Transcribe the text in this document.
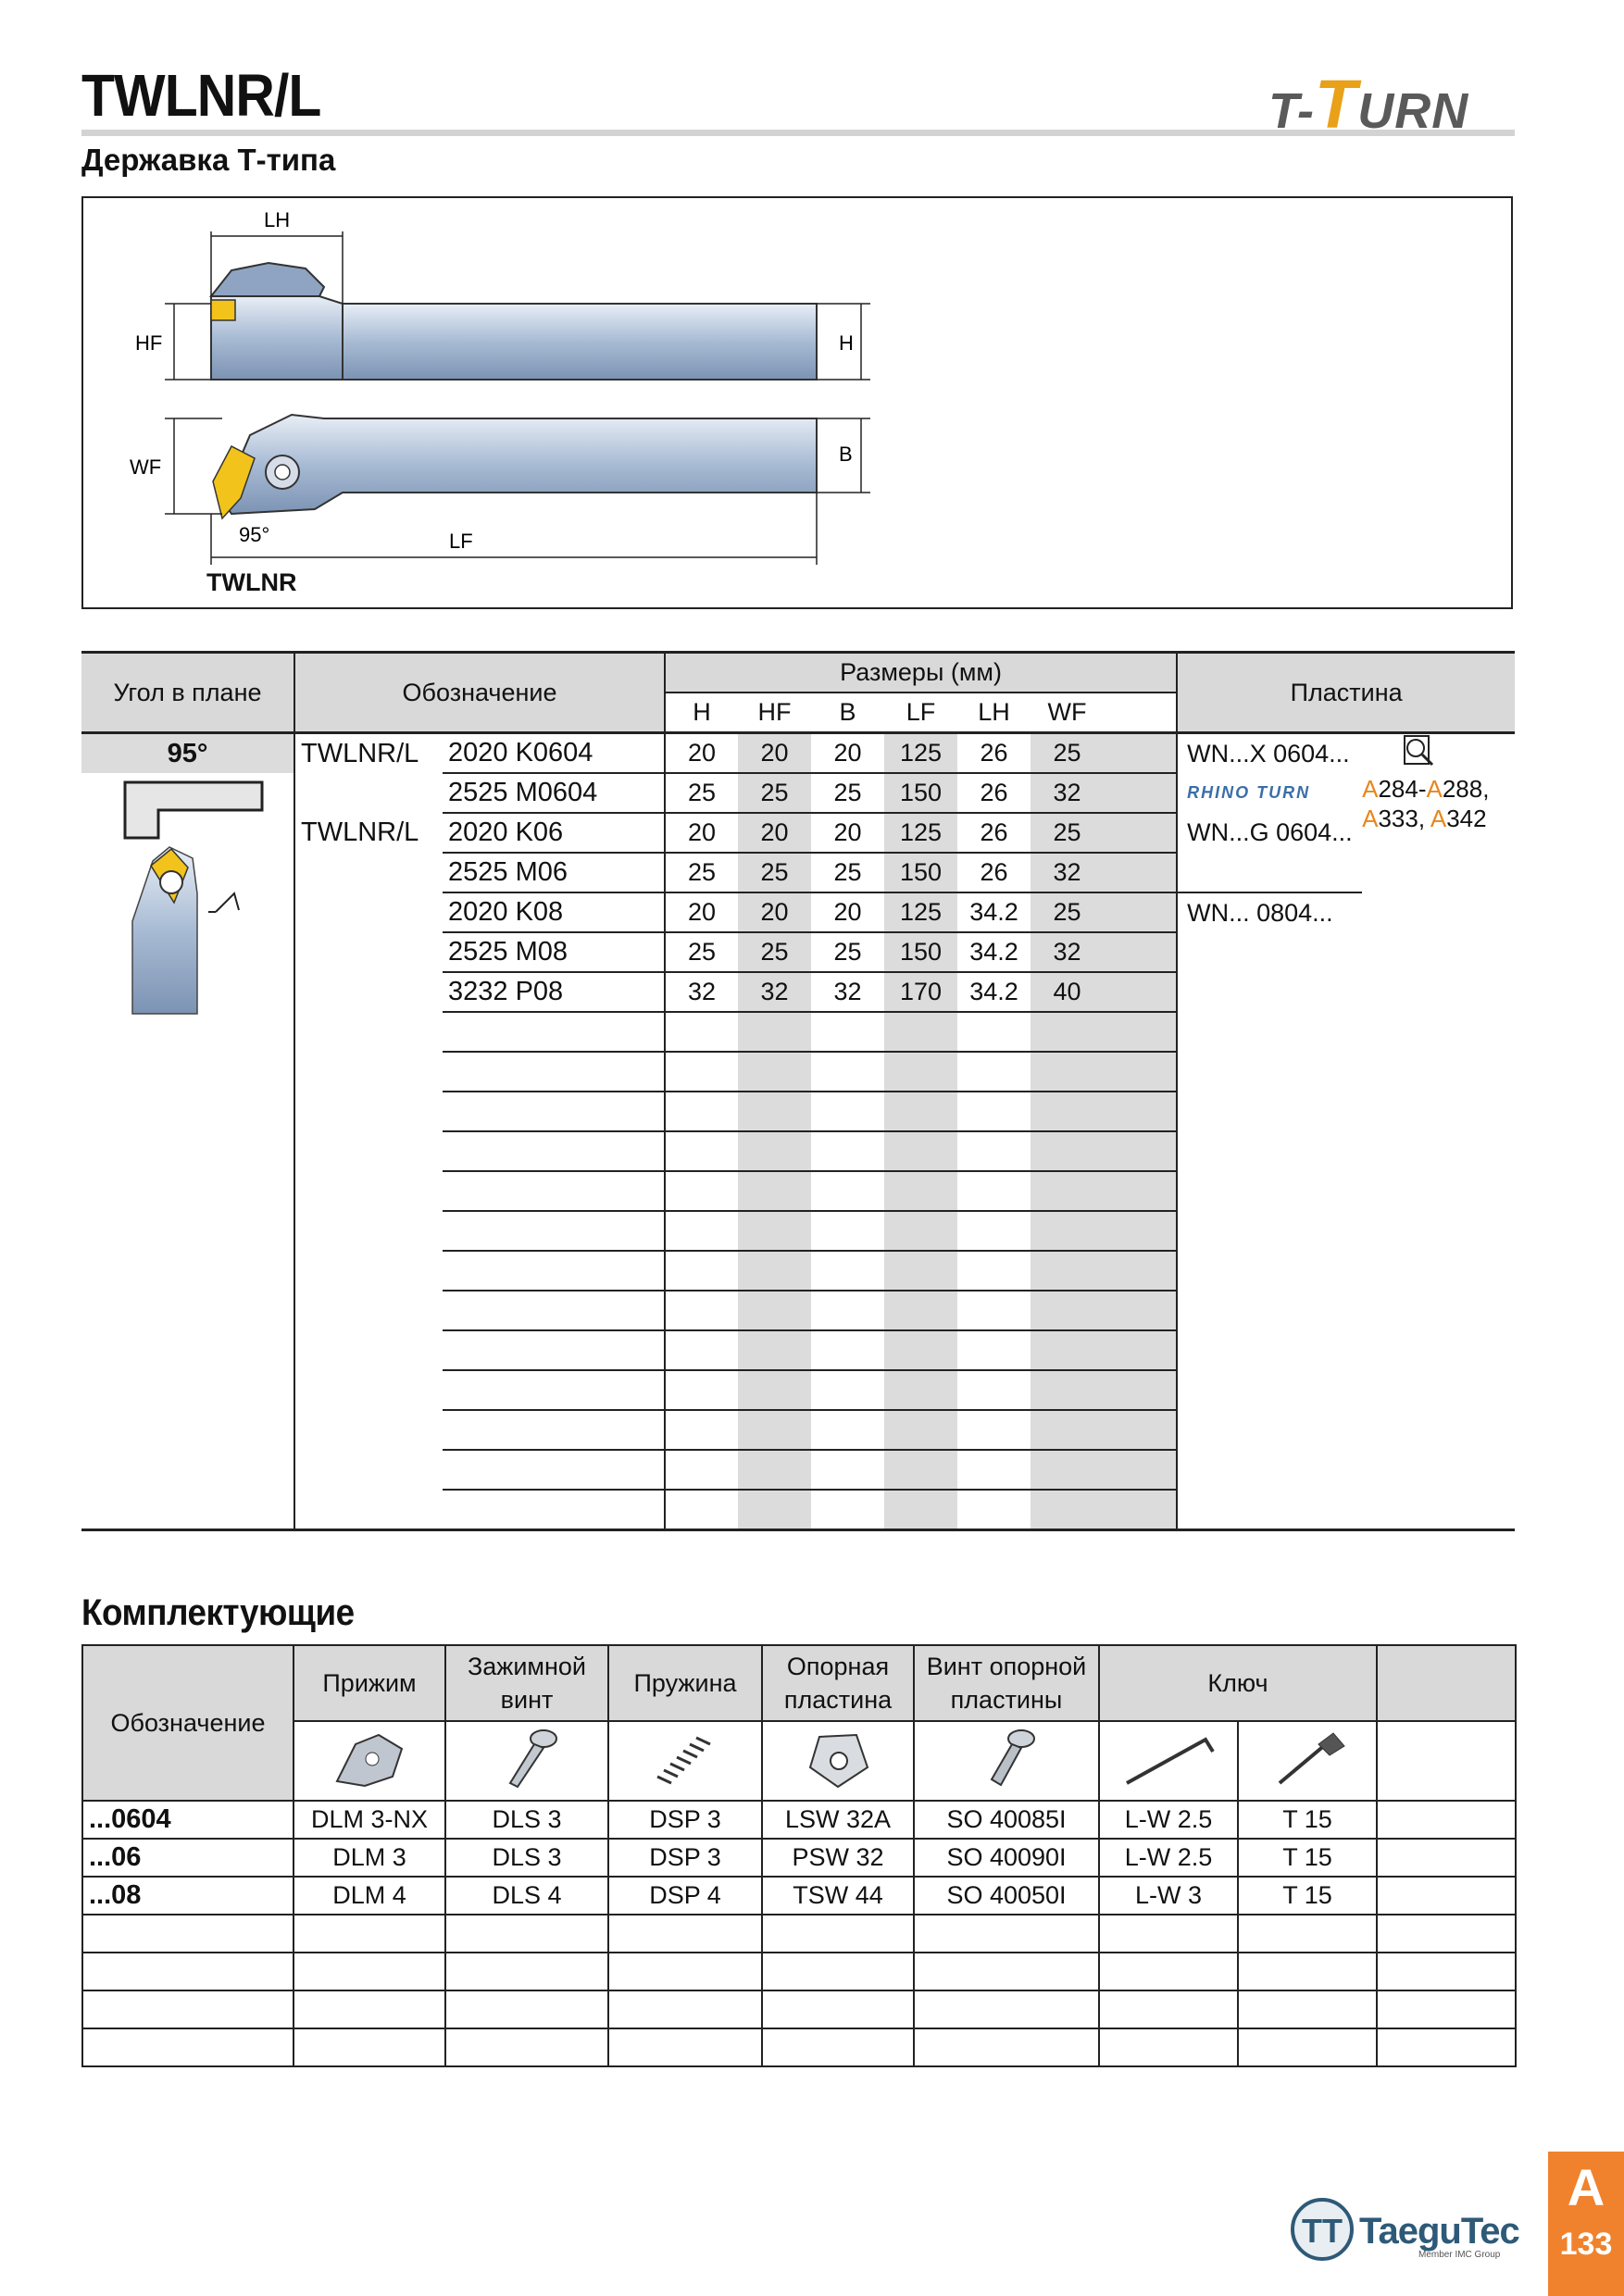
TWLNR/L
Державка Т-типа
T-TURN
LH
HF	H
WF
B
LF
95°
TWLNR
Угол в плане	Обозначение		Размеры (мм)							Пластина	
			H	HF	B	LF	LH	WF			
95°	TWLNR/L	2020 K0604	20	20	20	125	26	25		WN...X 0604...	A284-A288,
A333, A342
		2525 M0604	25	25	25	150	26	32		RHINO TURN	
	TWLNR/L	2020 K06	20	20	20	125	26	25		WN...G 0604...	
		2525 M06	25	25	25	150	26	32			
		2020 K08	20	20	20	125	34.2	25		WN... 0804...	
		2525 M08	25	25	25	150	34.2	32			
		3232 P08	32	32	32	170	34.2	40			

Комплектующие
Обозначение	Прижим	Зажимной винт	Пружина	Опорная пластина	Винт опорной пластины	Ключ		

...0604	DLM 3-NX	DLS 3	DSP 3	LSW 32A	SO 40085I	L-W 2.5	T 15	
...06	DLM 3	DLS 3	DSP 3	PSW 32	SO 40090I	L-W 2.5	T 15	
...08	DLM 4	DLS 4	DSP 4	TSW 44	SO 40050I	L-W 3	T 15	

TT TaeguTec
Member IMC Group
A
133
